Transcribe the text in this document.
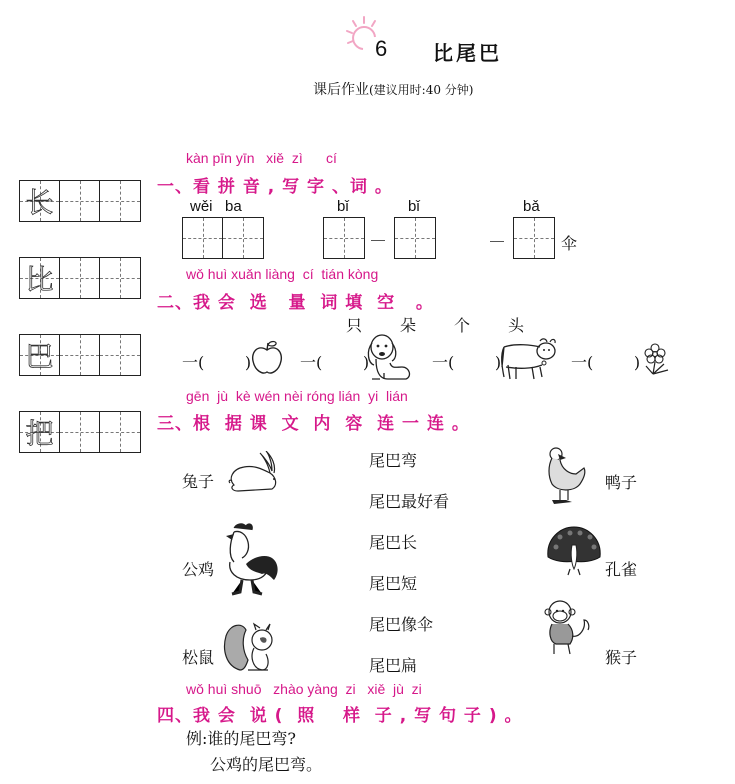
6 比尾巴
课后作业(建议用时:40 分钟)
长
比
巴
把
kàn pīn yīn   xiě  zì      cí
一、看 拼 音 , 写 字 、词 。
wěi   ba	bǐ	bǐ	bǎ
伞
wǒ huì xuǎn liàng  cí  tián kòng
二、我 会  选   量  词 填  空   。
只 朵 个 头
一(        )	一(        )	一(        )	一(        )
gēn  jù  kè wén nèi róng lián  yi  lián
三、根  据 课  文  内  容  连 一 连 。
兔子
公鸡
松鼠
尾巴弯
尾巴最好看
尾巴长
尾巴短
尾巴像伞
尾巴扁
鸭子
孔雀
猴子
wǒ huì shuō   zhào yàng  zi   xiě  jù  zi
四、我 会  说 (  照    样  子 , 写 句 子 ) 。
例:谁的尾巴弯?
公鸡的尾巴弯。
